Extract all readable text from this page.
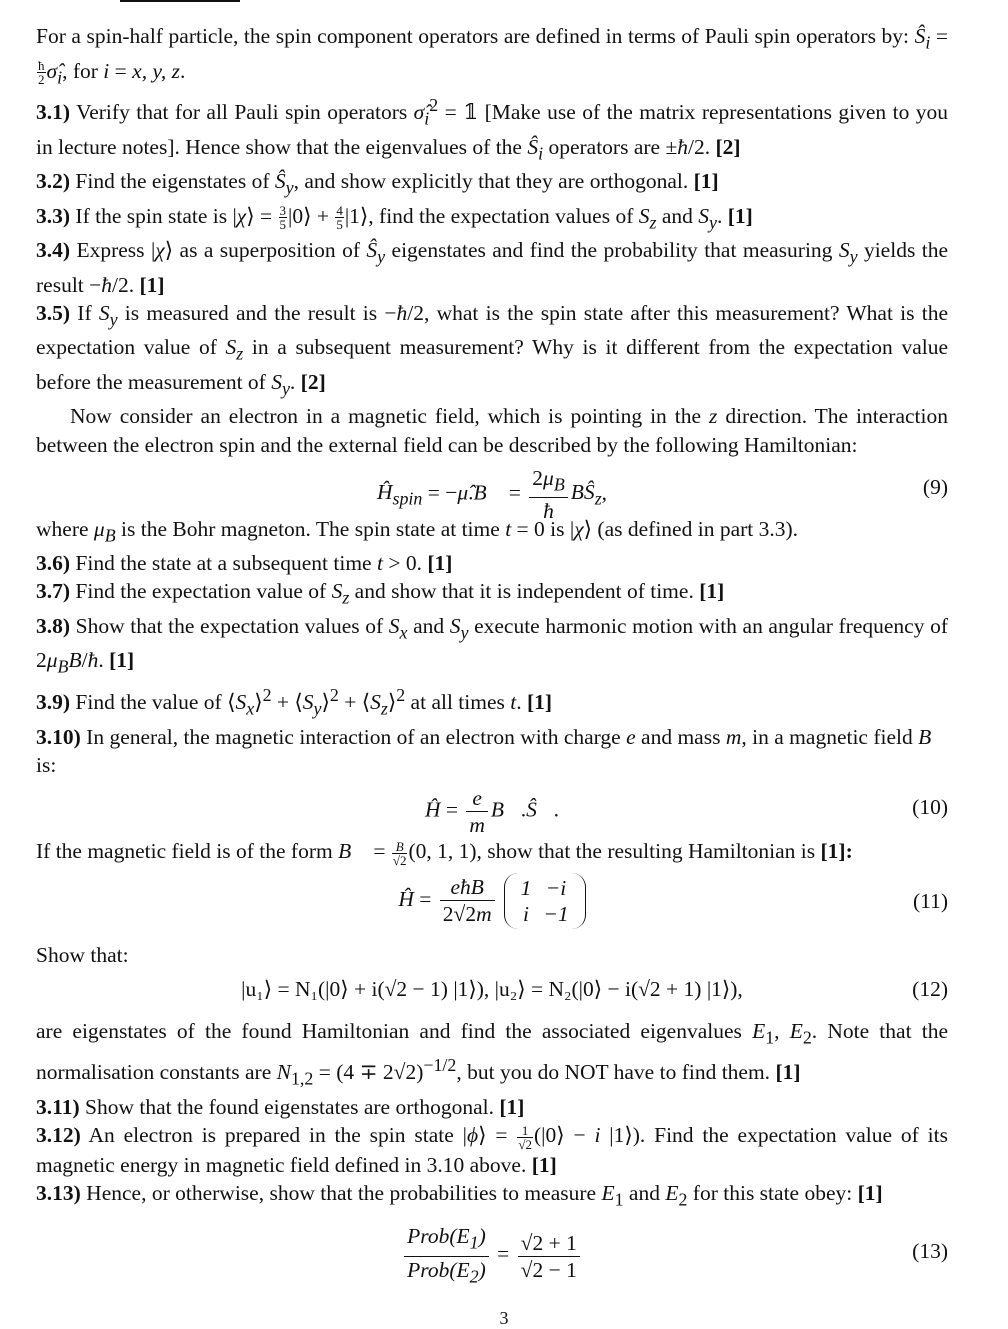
For a spin-half particle, the spin component operators are defined in terms of Pauli spin operators by: $Ŝ_i$ =
$\frac{ħ}{2}$ $\sigmâ_i$, for i = x, y, z.

3.1) Verify that for all Pauli spin operators $\sigmâ_i^2$ = 𝟙 [Make use of the matrix representations given to you in lecture notes]. Hence show that the eigenvalues of the $Ŝ_i$ operators are ±ħ/2. [2]

3.2) Find the eigenstates of $Ŝ_y$, and show explicitly that they are orthogonal. [1]

3.3) If the spin state is |χ⟩ = $\frac{3}{5}$ |0⟩ + $\frac{4}{5}$ |1⟩, find the expectation values of $S_z$ and $S_y$. [1]

3.4) Express |χ⟩ as a superposition of $Ŝ_y$ eigenstates and find the probability that measuring $S_y$ yields the result −ħ/2. [1]

3.5) If $S_y$ is measured and the result is −ħ/2, what is the spin state after this measurement? What is the expectation value of $S_z$ in a subsequent measurement? Why is it different from the expectation value before the measurement of $S_y$. [2]

Now consider an electron in a magnetic field, which is pointing in the z direction. The interaction between the electron spin and the external field can be described by the following Hamiltonian:

$Ĥ_{spin}$ = −μ̂.B⃗ = $\frac{2\mu_B}{ħ}$ $BŜ_z$,	(9)

where $\mu_B$ is the Bohr magneton. The spin state at time t = 0 is |χ⟩ (as defined in part 3.3).

3.6) Find the state at a subsequent time t > 0. [1]

3.7) Find the expectation value of $S_z$ and show that it is independent of time. [1]

3.8) Show that the expectation values of $S_x$ and $S_y$ execute harmonic motion with an angular frequency of $2\mu_BB/ħ$. [1]

3.9) Find the value of $⟨S_x⟩^2$ + $⟨S_y⟩^2$ + $⟨S_z⟩^2$ at all times t. [1]

3.10) In general, the magnetic interaction of an electron with charge e and mass m, in a magnetic field B⃗ is:

Ĥ = $\frac{e}{m}$ B⃗.Ŝ⃗.	(10)

If the magnetic field is of the form B⃗ = $\frac{B}{√2} (0$, 1, 1), show that the resulting Hamiltonian is [1]:

Ĥ = $\frac{\text{eħB}}{2√2m} 1$	−i
i	−1
(11)

Show that:

|u₁⟩ = N₁(|0⟩ + i(√2 − 1) |1⟩), |u₂⟩ = N₂(|0⟩ − i(√2 + 1) |1⟩),	(12)

are eigenstates of the found Hamiltonian and find the associated eigenvalues $E_1$, $E_2$. Note that the normalisation constants are $N_{1,2} = (4 \mp 2√2)^{-1/2}$, but you do NOT have to find them. [1]

3.11) Show that the found eigenstates are orthogonal. [1]

3.12) An electron is prepared in the spin state |ϕ⟩ = $\frac{1}{√2}$ (|0⟩ − i |1⟩). Find the expectation value of its magnetic energy in magnetic field defined in 3.10 above. [1]

3.13) Hence, or otherwise, show that the probabilities to measure $E_1$ and $E_2$ for this state obey: [1]

$\frac{Prob(E_1)}{Prob(E_2)} = \frac{√2 + 1}{√2 - 1}$	(13)
3
